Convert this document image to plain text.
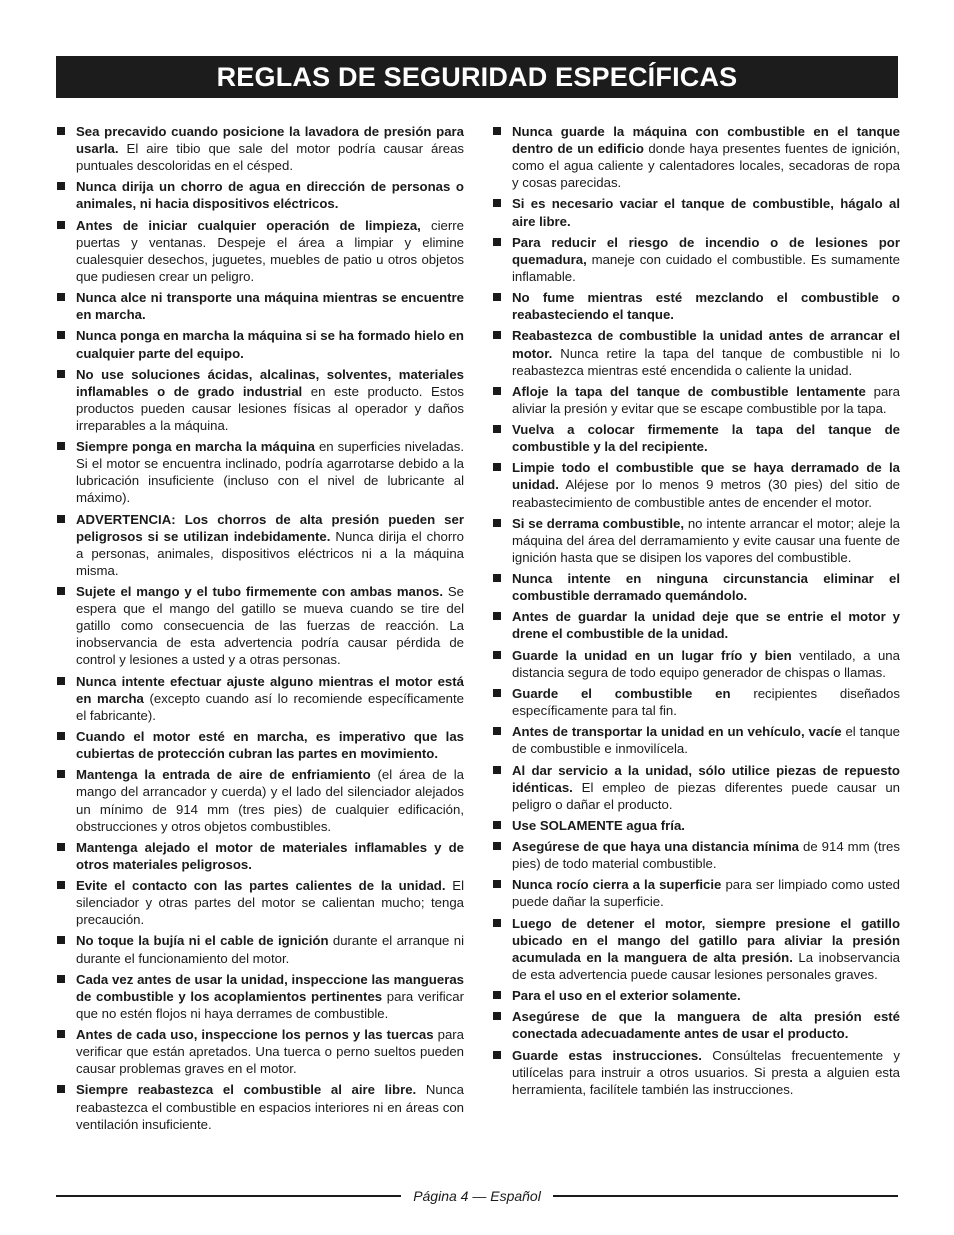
REGLAS DE SEGURIDAD ESPECÍFICAS
Sea precavido cuando posicione la lavadora de presión para usarla. El aire tibio que sale del motor podría causar áreas puntuales descoloridas en el césped.
Nunca dirija un chorro de agua en dirección de personas o animales, ni hacia dispositivos eléctricos.
Antes de iniciar cualquier operación de limpieza, cierre puertas y ventanas. Despeje el área a limpiar y elimine cualesquier desechos, juguetes, muebles de patio u otros objetos que pudiesen crear un peligro.
Nunca alce ni transporte una máquina mientras se encuentre en marcha.
Nunca ponga en marcha la máquina si se ha formado hielo en cualquier parte del equipo.
No use soluciones ácidas, alcalinas, solventes, materiales inflamables o de grado industrial en este producto. Estos productos pueden causar lesiones físicas al operador y daños irreparables a la máquina.
Siempre ponga en marcha la máquina en superficies niveladas. Si el motor se encuentra inclinado, podría agarrotarse debido a la lubricación insuficiente (incluso con el nivel de lubricante al máximo).
ADVERTENCIA: Los chorros de alta presión pueden ser peligrosos si se utilizan indebidamente. Nunca dirija el chorro a personas, animales, dispositivos eléctricos ni a la máquina misma.
Sujete el mango y el tubo firmemente con ambas manos. Se espera que el mango del gatillo se mueva cuando se tire del gatillo como consecuencia de las fuerzas de reacción. La inobservancia de esta advertencia podría causar pérdida de control y lesiones a usted y a otras personas.
Nunca intente efectuar ajuste alguno mientras el motor está en marcha (excepto cuando así lo recomiende específicamente el fabricante).
Cuando el motor esté en marcha, es imperativo que las cubiertas de protección cubran las partes en movimiento.
Mantenga la entrada de aire de enfriamiento (el área de la mango del arrancador y cuerda) y el lado del silenciador alejados un mínimo de 914 mm (tres pies) de cualquier edificación, obstrucciones y otros objetos combustibles.
Mantenga alejado el motor de materiales inflamables y de otros materiales peligrosos.
Evite el contacto con las partes calientes de la unidad. El silenciador y otras partes del motor se calientan mucho; tenga precaución.
No toque la bujía ni el cable de ignición durante el arranque ni durante el funcionamiento del motor.
Cada vez antes de usar la unidad, inspeccione las mangueras de combustible y los acoplamientos pertinentes para verificar que no estén flojos ni haya derrames de combustible.
Antes de cada uso, inspeccione los pernos y las tuercas para verificar que están apretados. Una tuerca o perno sueltos pueden causar problemas graves en el motor.
Siempre reabastezca el combustible al aire libre. Nunca reabastezca el combustible en espacios interiores ni en áreas con ventilación insuficiente.
Nunca guarde la máquina con combustible en el tanque dentro de un edificio donde haya presentes fuentes de ignición, como el agua caliente y calentadores locales, secadoras de ropa y cosas parecidas.
Si es necesario vaciar el tanque de combustible, hágalo al aire libre.
Para reducir el riesgo de incendio o de lesiones por quemadura, maneje con cuidado el combustible. Es sumamente inflamable.
No fume mientras esté mezclando el combustible o reabasteciendo el tanque.
Reabastezca de combustible la unidad antes de arrancar el motor. Nunca retire la tapa del tanque de combustible ni lo reabastezca mientras esté encendida o caliente la unidad.
Afloje la tapa del tanque de combustible lentamente para aliviar la presión y evitar que se escape combustible por la tapa.
Vuelva a colocar firmemente la tapa del tanque de combustible y la del recipiente.
Limpie todo el combustible que se haya derramado de la unidad. Aléjese por lo menos 9 metros (30 pies) del sitio de reabastecimiento de combustible antes de encender el motor.
Si se derrama combustible, no intente arrancar el motor; aleje la máquina del área del derramamiento y evite causar una fuente de ignición hasta que se disipen los vapores del combustible.
Nunca intente en ninguna circunstancia eliminar el combustible derramado quemándolo.
Antes de guardar la unidad deje que se entrie el motor y drene el combustible de la unidad.
Guarde la unidad en un lugar frío y bien ventilado, a una distancia segura de todo equipo generador de chispas o llamas.
Guarde el combustible en recipientes diseñados específicamente para tal fin.
Antes de transportar la unidad en un vehículo, vacíe el tanque de combustible e inmovilícela.
Al dar servicio a la unidad, sólo utilice piezas de repuesto idénticas. El empleo de piezas diferentes puede causar un peligro o dañar el producto.
Use SOLAMENTE agua fría.
Asegúrese de que haya una distancia mínima de 914 mm (tres pies) de todo material combustible.
Nunca rocío cierra a la superficie para ser limpiado como usted puede dañar la superficie.
Luego de detener el motor, siempre presione el gatillo ubicado en el mango del gatillo para aliviar la presión acumulada en la manguera de alta presión. La inobservancia de esta advertencia puede causar lesiones personales graves.
Para el uso en el exterior solamente.
Asegúrese de que la manguera de alta presión esté conectada adecuadamente antes de usar el producto.
Guarde estas instrucciones. Consúltelas frecuentemente y utilícelas para instruir a otros usuarios. Si presta a alguien esta herramienta, facilítele también las instrucciones.
Página 4 — Español
